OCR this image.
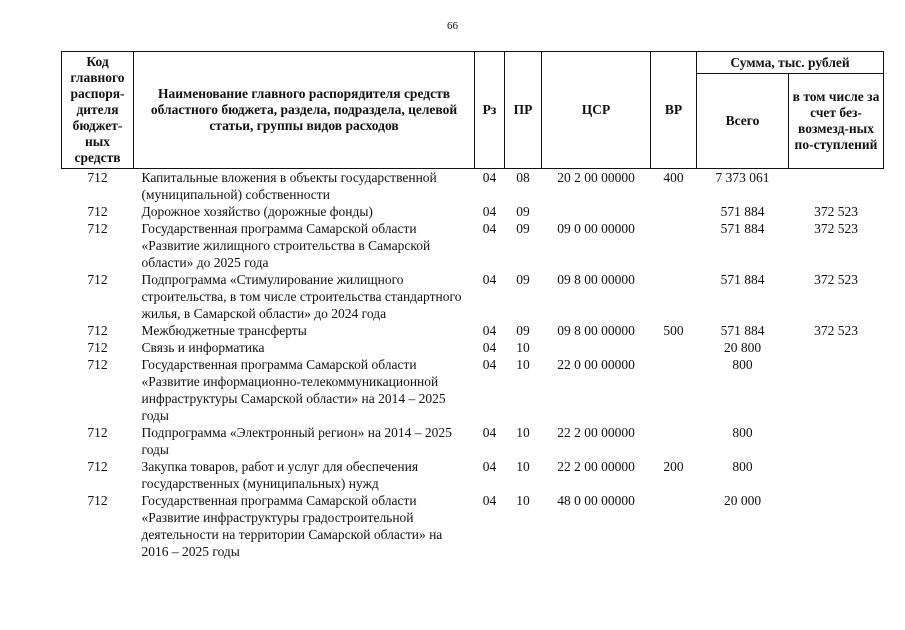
66
Код главного распоря-дителя бюджет-ных средств	Наименование главного распорядителя средств областного бюджета, раздела, подраздела, целевой статьи, группы видов расходов	Рз	ПР	ЦСР	ВР	Сумма, тыс. рублей	
						Всего	в том числе за счет без-возмезд-ных по-ступлений
712	Капитальные вложения в объекты государственной (муниципальной) собственности	04	08	20 2 00 00000	400	7 373 061	
712	Дорожное хозяйство (дорожные фонды)	04	09			571 884	372 523
712	Государственная программа Самарской области «Развитие жилищного строительства в Самарской области» до 2025 года	04	09	09 0 00 00000		571 884	372 523
712	Подпрограмма «Стимулирование жилищного строительства, в том числе строительства стандартного жилья, в Самарской области» до 2024 года	04	09	09 8 00 00000		571 884	372 523
712	Межбюджетные трансферты	04	09	09 8 00 00000	500	571 884	372 523
712	Связь и информатика	04	10			20 800	
712	Государственная программа Самарской области «Развитие информационно-телекоммуникационной инфраструктуры Самарской области» на 2014 – 2025 годы	04	10	22 0 00 00000		800	
712	Подпрограмма «Электронный регион» на 2014 – 2025 годы	04	10	22 2 00 00000		800	
712	Закупка товаров, работ и услуг для обеспечения государственных (муниципальных) нужд	04	10	22 2 00 00000	200	800	
712	Государственная программа Самарской области «Развитие инфраструктуры градостроительной деятельности на территории Самарской области» на 2016 – 2025 годы	04	10	48 0 00 00000		20 000	
